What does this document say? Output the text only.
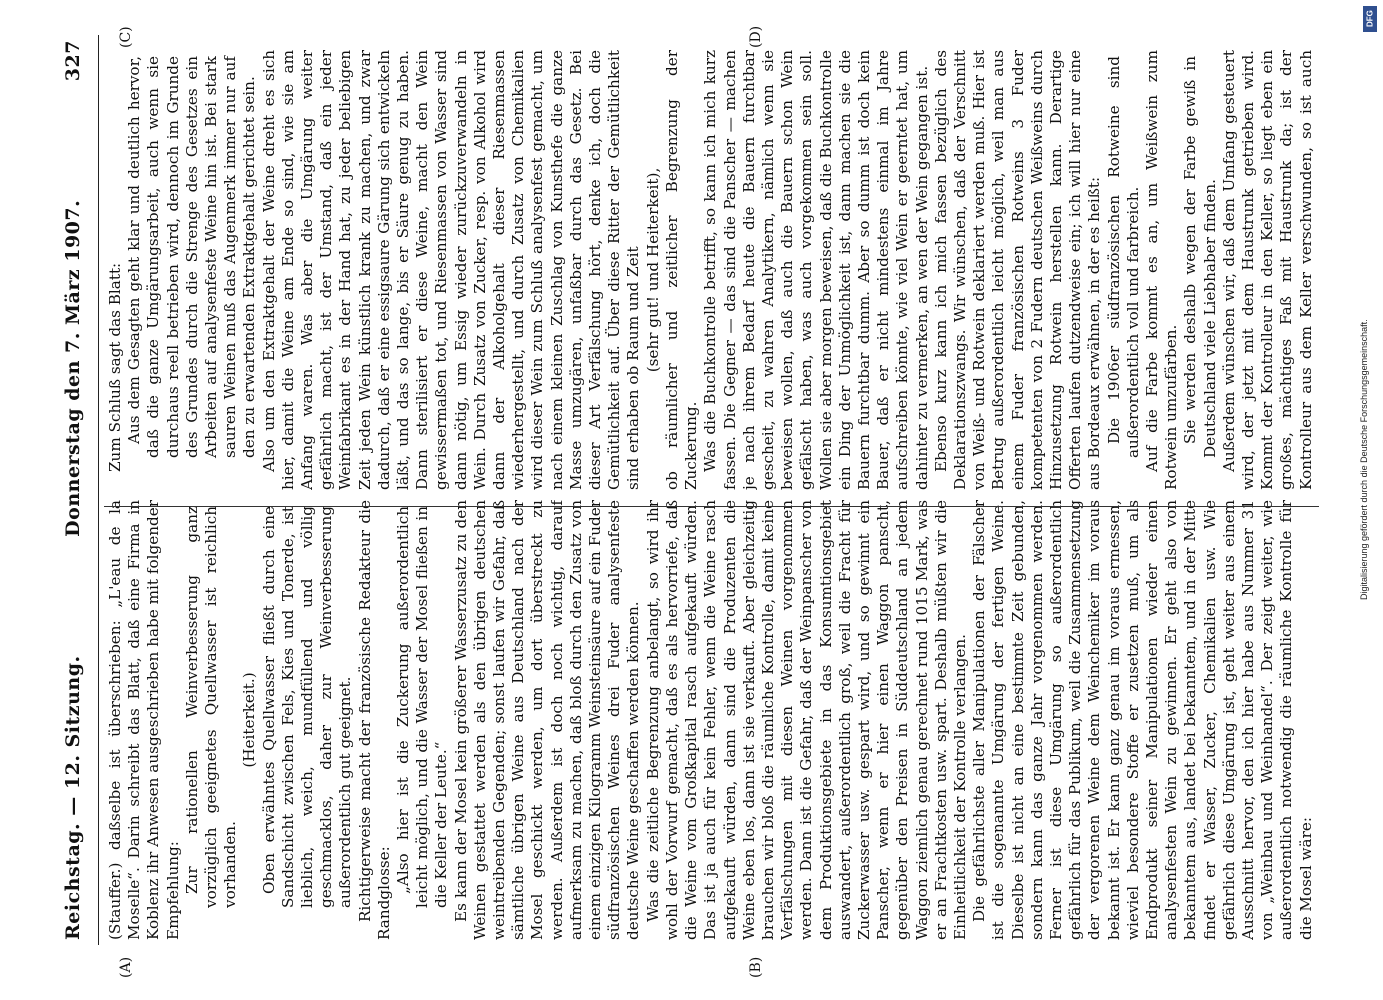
Reichstag. — 12. Sitzung.
Donnerstag den 7. März 1907.
327
(A)	(B)
(C)	(D)

(Stauffer.) daßselbe ist überschrieben: „L'eau de la Moselle“. Darin schreibt das Blatt, daß eine Firma in Koblenz ihr Anwesen ausgeschrieben habe mit folgender Empfehlung: Zur rationellen Weinverbesserung ganz vorzüglich geeignetes Quellwasser ist reichlich vorhanden.

(Heiterkeit.) Oben erwähntes Quellwasser fließt durch eine Sandschicht zwischen Fels, Kies und Tonerde, ist lieblich, weich, mundfüllend und völlig geschmacklos, daher zur Weinverbesserung außerordentlich gut geeignet. Richtigerweise macht der französische Redakteur die Randglosse: „Also hier ist die Zuckerung außerordentlich leicht möglich, und die Wasser der Mosel fließen in die Keller der Leute.“ Es kann der Mosel kein größerer Wasserzusatz zu den Weinen gestattet werden als den übrigen deutschen weintreibenden Gegenden; sonst laufen wir Gefahr, daß sämtliche übrigen Weine aus Deutschland nach der Mosel geschickt werden, um dort überstreckt zu werden. Außerdem ist doch noch wichtig, darauf aufmerksam zu machen, daß bloß durch den Zusatz von einem einzigen Kilogramm Weinsteinsäure auf ein Fuder südfranzösischen Weines drei Fuder analysenfeste deutsche Weine geschaffen werden können. Was die zeitliche Begrenzung anbelangt, so wird ihr wohl der Vorwurf gemacht, daß es als hervorriefe, daß die Weine vom Großkapital rasch aufgekauft würden. Das ist ja auch für kein Fehler, wenn die Weine rasch aufgekauft würden, dann sind die Produzenten die Weine eben los, dann ist sie verkauft. Aber gleichzeitig brauchen wir bloß die räumliche Kontrolle, damit keine Verfälschungen mit diesen Weinen vorgenommen werden. Dann ist die Gefahr, daß der Weinpanscher von dem Produktionsgebiete in das Konsumtionsgebiet auswandert, außerordentlich groß, weil die Fracht für Zuckerwasser usw. gespart wird, und so gewinnt ein Panscher, wenn er hier einen Waggon panscht, gegenüber den Preisen in Süddeutschland an jedem Waggon ziemlich genau gerechnet rund 1015 Mark, was er an Frachtkosten usw. spart. Deshalb müßten wir die Einheitlichkeit der Kontrolle verlangen. Die gefährlichste aller Manipulationen der Fälscher ist die sogenannte Umgärung der fertigen Weine. Dieselbe ist nicht an eine bestimmte Zeit gebunden, sondern kann das ganze Jahr vorgenommen werden. Ferner ist diese Umgärung so außerordentlich gefährlich für das Publikum, weil die Zusammensetzung der vergorenen Weine dem Weinchemiker im voraus bekannt ist. Er kann ganz genau im voraus ermessen, wieviel besondere Stoffe er zusetzen muß, um als Endprodukt seiner Manipulationen wieder einen analysenfesten Wein zu gewinnen. Er geht also von bekanntem aus, landet bei bekanntem, und in der Mitte findet er Wasser, Zucker, Chemikalien usw. Wie gefährlich diese Umgärung ist, geht weiter aus einem Ausschnitt hervor, den ich hier habe aus Nummer 31 von „Weinbau und Weinhandel“. Der zeigt weiter, wie außerordentlich notwendig die räumliche Kontrolle für die Mosel wäre:

Zum Schluß sagt das Blatt: Aus dem Gesagten geht klar und deutlich hervor, daß die ganze Umgärungsarbeit, auch wenn sie durchaus reell betrieben wird, dennoch im Grunde des Grundes durch die Strenge des Gesetzes ein Arbeiten auf analysenfeste Weine hin ist. Bei stark sauren Weinen muß das Augenmerk immer nur auf den zu erwartenden Extraktgehalt gerichtet sein. Also um den Extraktgehalt der Weine dreht es sich hier, damit die Weine am Ende so sind, wie sie am Anfang waren. Was aber die Umgärung weiter gefährlich macht, ist der Umstand, daß ein jeder Weinfabrikant es in der Hand hat, zu jeder beliebigen Zeit jeden Wein künstlich krank zu machen, und zwar dadurch, daß er eine essigsaure Gärung sich entwickeln läßt, und das so lange, bis er Säure genug zu haben. Dann sterilisiert er diese Weine, macht den Wein gewissermaßen tot, und Riesenmassen von Wasser sind dann nötig, um Essig wieder zurückzuverwandeln in Wein. Durch Zusatz von Zucker, resp. von Alkohol wird dann der Alkoholgehalt dieser Riesenmassen wiederhergestellt, und durch Zusatz von Chemikalien wird dieser Wein zum Schluß analysenfest gemacht, um nach einem kleinen Zuschlag von Kunsthefe die ganze Masse umzugären, unfaßbar durch das Gesetz. Bei dieser Art Verfälschung hört, denke ich, doch die Gemütlichkeit auf. Über diese Ritter der Gemütlichkeit sind erhaben ob Raum und Zeit (sehr gut! und Heiterkeit), ob räumlicher und zeitlicher Begrenzung der Zuckerung. Was die Buchkontrolle betrifft, so kann ich mich kurz fassen. Die Gegner — das sind die Panscher — machen je nach ihrem Bedarf heute die Bauern furchtbar gescheit, zu wahren Analytikern, nämlich wenn sie beweisen wollen, daß auch die Bauern schon Wein gefälscht haben, was auch vorgekommen sein soll. Wollen sie aber morgen beweisen, daß die Buchkontrolle ein Ding der Unmöglichkeit ist, dann machen sie die Bauern furchtbar dumm. Aber so dumm ist doch kein Bauer, daß er nicht mindestens einmal im Jahre aufschreiben könnte, wie viel Wein er geerntet hat, um dahinter zu vermerken, an wen der Wein gegangen ist. Ebenso kurz kann ich mich fassen bezüglich des Deklarationszwangs. Wir wünschen, daß der Verschnitt von Weiß- und Rotwein deklariert werden muß. Hier ist Betrug außerordentlich leicht möglich, weil man aus einem Fuder französischen Rotweins 3 Fuder kompetenten von 2 Fudern deutschen Weißweins durch Hinzusetzung Rotwein herstellen kann. Derartige Offerten laufen dutzendweise ein; ich will hier nur eine aus Bordeaux erwähnen, in der es heißt: Die 1906er südfranzösischen Rotweine sind außerordentlich voll und farbreich. Auf die Farbe kommt es an, um Weißwein zum Rotwein umzufärben. Sie werden deshalb wegen der Farbe gewiß in Deutschland viele Liebhaber finden. Außerdem wünschen wir, daß dem Umfang gesteuert wird, der jetzt mit dem Haustrunk getrieben wird. Kommt der Kontrolleur in den Keller, so liegt eben ein großes, mächtiges Faß mit Haustrunk da; ist der Kontrolleur aus dem Keller verschwunden, so ist auch

DFG
Digitalisierung gefördert durch die Deutsche Forschungsgemeinschaft.
